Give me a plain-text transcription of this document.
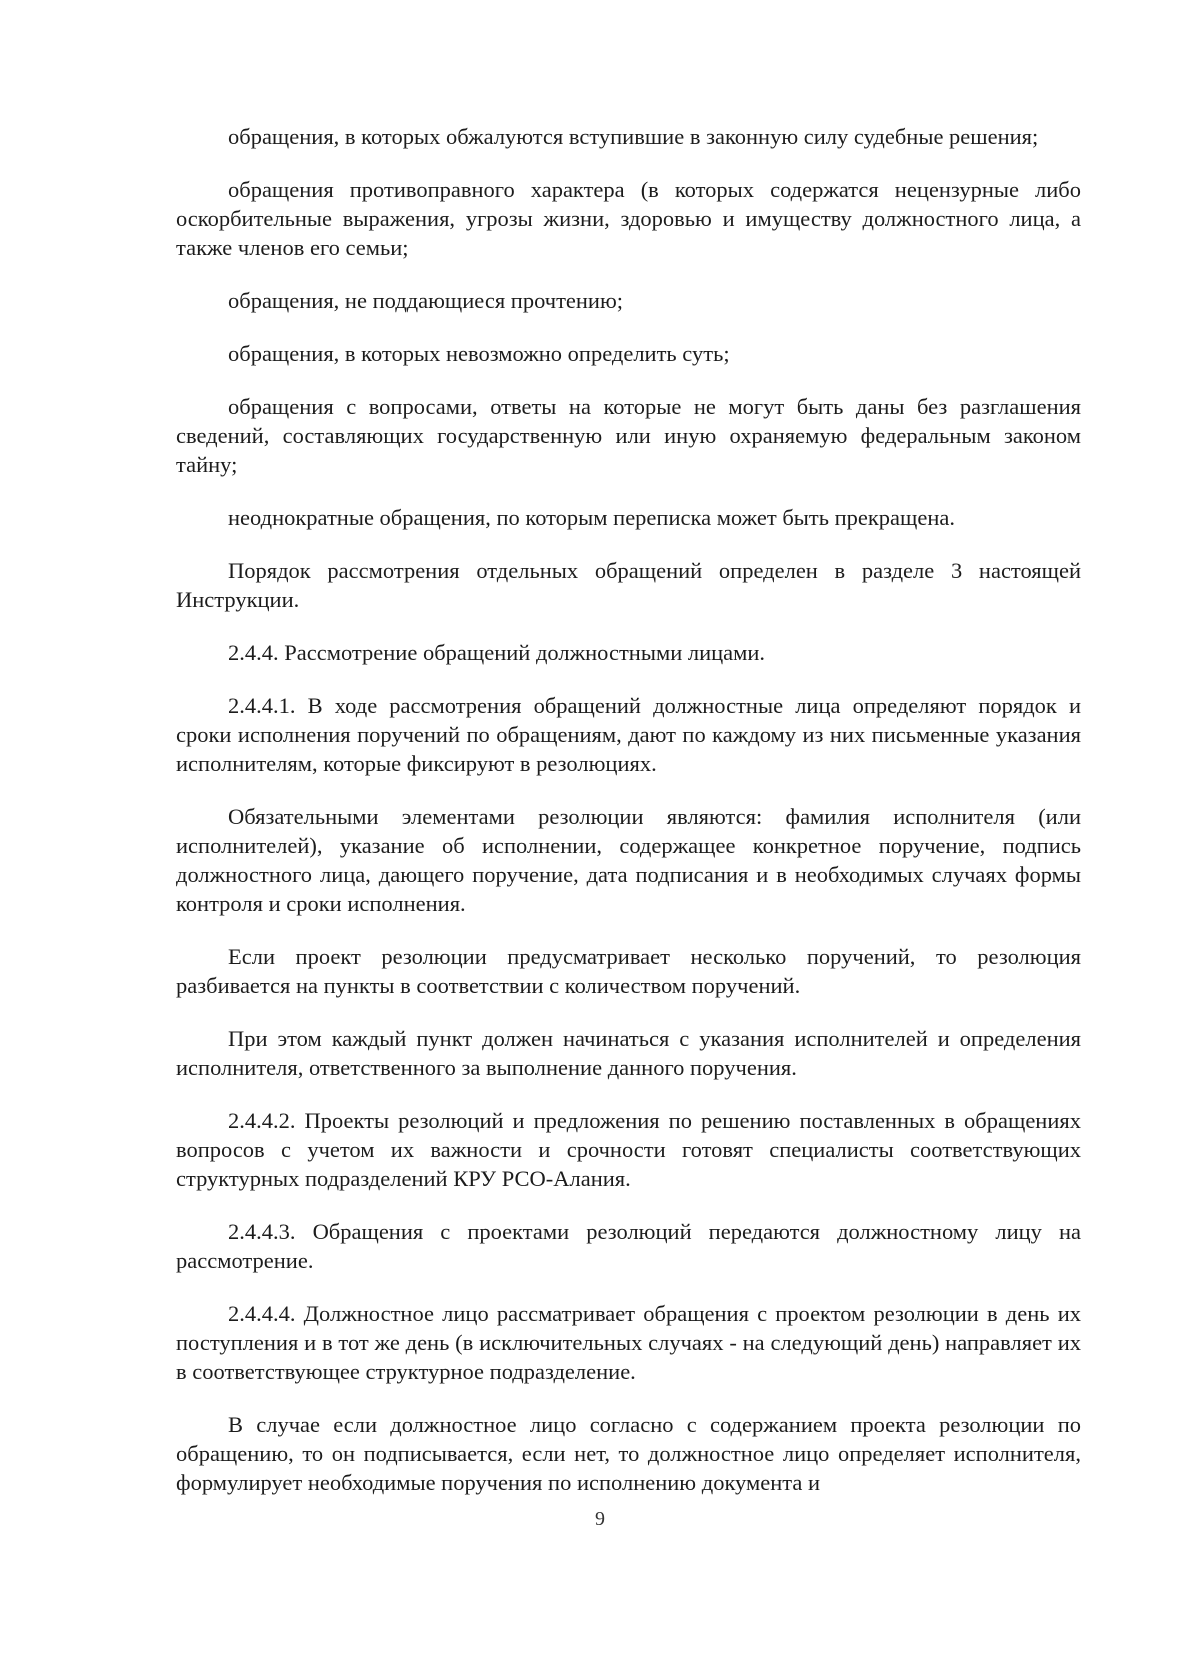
обращения, в которых обжалуются вступившие в законную силу судебные решения;

обращения противоправного характера (в которых содержатся нецензурные либо оскорбительные выражения, угрозы жизни, здоровью и имуществу должностного лица, а также членов его семьи;

обращения, не поддающиеся прочтению;

обращения, в которых невозможно определить суть;

обращения с вопросами, ответы на которые не могут быть даны без разглашения сведений, составляющих государственную или иную охраняемую федеральным законом тайну;

неоднократные обращения, по которым переписка может быть прекращена.

Порядок рассмотрения отдельных обращений определен в разделе 3 настоящей Инструкции.

2.4.4. Рассмотрение обращений должностными лицами.

2.4.4.1. В ходе рассмотрения обращений должностные лица определяют порядок и сроки исполнения поручений по обращениям, дают по каждому из них письменные указания исполнителям, которые фиксируют в резолюциях.

Обязательными элементами резолюции являются: фамилия исполнителя (или исполнителей), указание об исполнении, содержащее конкретное поручение, подпись должностного лица, дающего поручение, дата подписания и в необходимых случаях формы контроля и сроки исполнения.

Если проект резолюции предусматривает несколько поручений, то резолюция разбивается на пункты в соответствии с количеством поручений.

При этом каждый пункт должен начинаться с указания исполнителей и определения исполнителя, ответственного за выполнение данного поручения.

2.4.4.2. Проекты резолюций и предложения по решению поставленных в обращениях вопросов с учетом их важности и срочности готовят специалисты соответствующих структурных подразделений КРУ РСО-Алания.

2.4.4.3. Обращения с проектами резолюций передаются должностному лицу на рассмотрение.

2.4.4.4. Должностное лицо рассматривает обращения с проектом резолюции в день их поступления и в тот же день (в исключительных случаях - на следующий день) направляет их в соответствующее структурное подразделение.

В случае если должностное лицо согласно с содержанием проекта резолюции по обращению, то он подписывается, если нет, то должностное лицо определяет исполнителя, формулирует необходимые поручения по исполнению документа и

9
